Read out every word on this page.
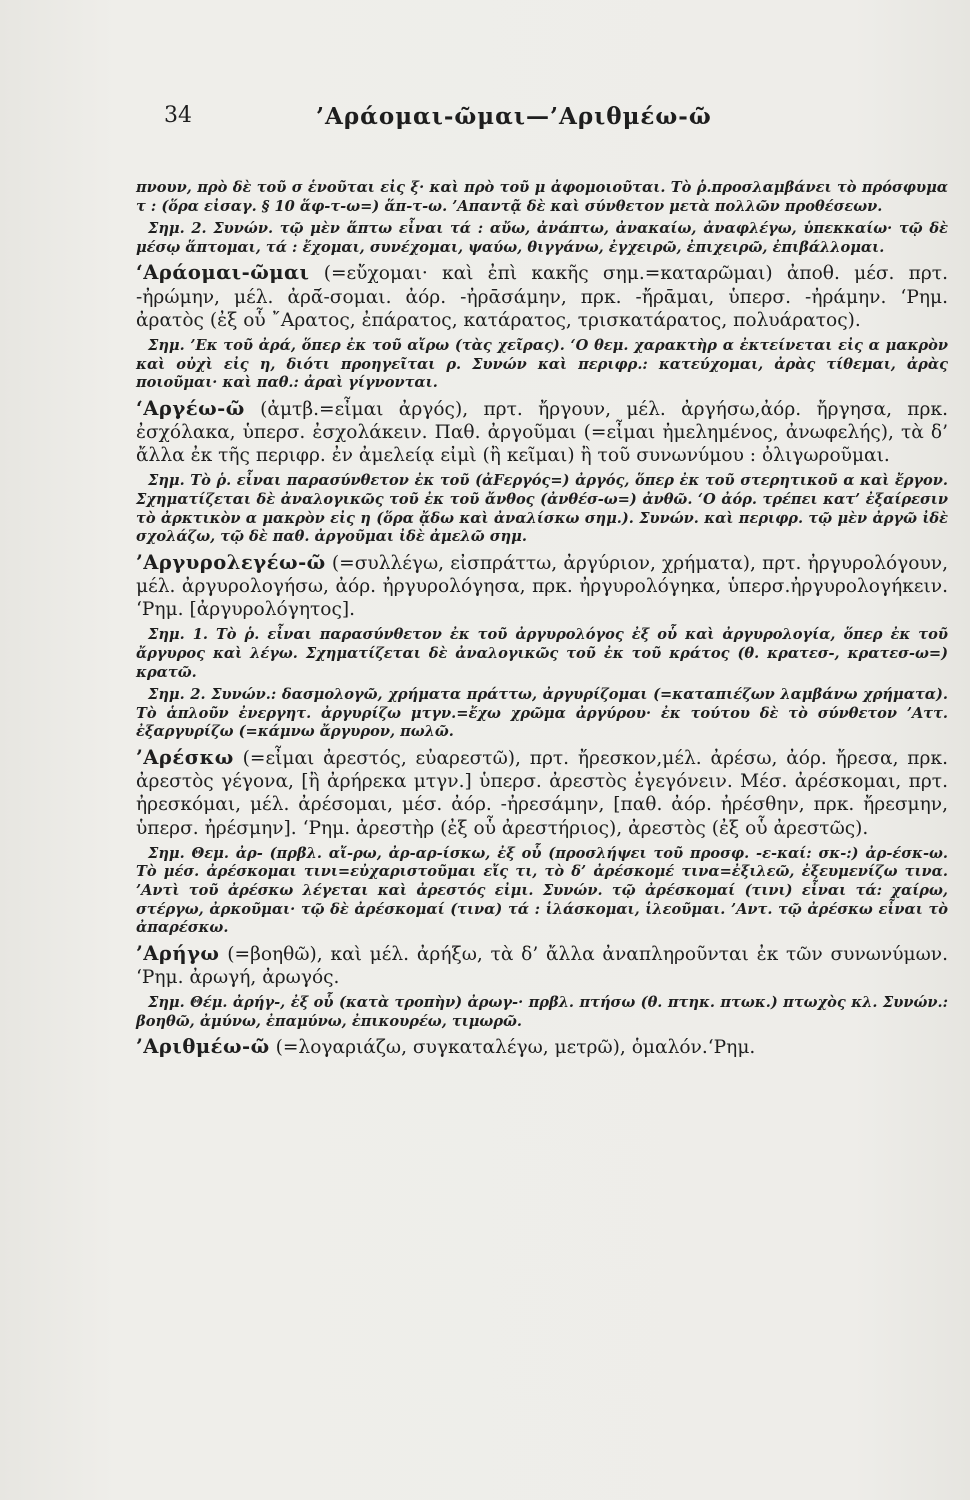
34	’Αράομαι-ῶμαι—’Αριθμέω-ῶ

πνουν, πρὸ δὲ τοῦ σ ἑνοῦται εἰς ξ· καὶ πρὸ τοῦ μ ἀφομοιοῦται. Τὸ ῥ.προσλαμβάνει τὸ πρόσφυμα τ : (ὅρα εἰσαγ. § 10 ἅφ-τ-ω=) ἅπ-τ-ω. ’Απαντᾷ δὲ καὶ σύνθετον μετὰ πολλῶν προθέσεων.

Σημ. 2. Συνών. τῷ μὲν ἅπτω εἶναι τά : αὔω, ἀνάπτω, ἀνακαίω, ἀναφλέγω, ὑπεκκαίω· τῷ δὲ μέσῳ ἅπτομαι, τά : ἔχομαι, συνέχομαι, ψαύω, θιγγάνω, ἐγχειρῶ, ἐπιχειρῶ, ἐπιβάλλομαι.

‘Αράομαι-ῶμαι (=εὔχομαι· καὶ ἐπὶ κακῆς σημ.=καταρῶμαι) ἀποθ. μέσ. πρτ. -ἠρώμην, μέλ. ἀρᾱ́-σομαι. ἀόρ. -ἠρᾱσάμην, πρκ. -ἤρᾱμαι, ὑπερσ. -ἠράμην. ‘Ρημ. ἀρατὸς (ἐξ οὗ ῎Αρατος, ἐπάρατος, κατάρατος, τρισκατάρατος, πολυάρατος).

Σημ. ’Εκ τοῦ ἀρά, ὅπερ ἐκ τοῦ αἴρω (τὰς χεῖρας). ‘Ο θεμ. χαρακτὴρ α ἐκτείνεται εἰς α μακρὸν καὶ οὐχὶ εἰς η, διότι προηγεῖται ρ. Συνών καὶ περιφρ.: κατεύχομαι, ἀρὰς τίθεμαι, ἀρὰς ποιοῦμαι· καὶ παθ.: ἀραὶ γίγνονται.

‘Αργέω-ῶ (ἀμτβ.=εἶμαι ἀργός), πρτ. ἤργουν, μέλ. ἀργήσω,ἀόρ. ἤργησα, πρκ. ἐσχόλακα, ὑπερσ. ἐσχολάκειν. Παθ. ἀργοῦμαι (=εἶμαι ἠμελημένος, ἀνωφελής), τὰ δ’ ἄλλα ἐκ τῆς περιφρ. ἐν ἀμελείᾳ εἰμὶ (ἢ κεῖμαι) ἢ τοῦ συνωνύμου : ὀλιγωροῦμαι.

Σημ. Τὸ ῥ. εἶναι παρασύνθετον ἐκ τοῦ (ἀFεργός=) ἀργός, ὅπερ ἐκ τοῦ στερητικοῦ α καὶ ἔργον. Σχηματίζεται δὲ ἀναλογικῶς τοῦ ἐκ τοῦ ἄνθος (ἀνθέσ-ω=) ἀνθῶ. ‘Ο ἀόρ. τρέπει κατ’ ἐξαίρεσιν τὸ ἀρκτικὸν α μακρὸν εἰς η (ὅρα ᾄδω καὶ ἀναλίσκω σημ.). Συνών. καὶ περιφρ. τῷ μὲν ἀργῶ ἰδὲ σχολάζω, τῷ δὲ παθ. ἀργοῦμαι ἰδὲ ἀμελῶ σημ.

’Αργυρολεγέω-ῶ (=συλλέγω, εἰσπράττω, ἀργύριον, χρήματα), πρτ. ἠργυρολόγουν, μέλ. ἀργυρολογήσω, ἀόρ. ἠργυρολόγησα, πρκ. ἠργυρολόγηκα, ὑπερσ.ἠργυρολογήκειν. ‘Ρημ. [ἀργυρολόγητος].

Σημ. 1. Τὸ ῥ. εἶναι παρασύνθετον ἐκ τοῦ ἀργυρολόγος ἐξ οὗ καὶ ἀργυρολογία, ὅπερ ἐκ τοῦ ἄργυρος καὶ λέγω. Σχηματίζεται δὲ ἀναλογικῶς τοῦ ἐκ τοῦ κράτος (θ. κρατεσ-, κρατεσ-ω=) κρατῶ.

Σημ. 2. Συνών.: δασμολογῶ, χρήματα πράττω, ἀργυρίζομαι (=καταπιέζων λαμβάνω χρήματα). Τὸ ἁπλοῦν ἐνεργητ. ἀργυρίζω μτγν.=ἔχω χρῶμα ἀργύρου· ἐκ τούτου δὲ τὸ σύνθετον ’Αττ. ἐξαργυρίζω (=κάμνω ἄργυρον, πωλῶ.

’Αρέσκω (=εἶμαι ἀρεστός, εὐαρεστῶ), πρτ. ἤρεσκον,μέλ. ἀρέσω, ἀόρ. ἤρεσα, πρκ. ἀρεστὸς γέγονα, [ἢ ἀρήρεκα μτγν.] ὑπερσ. ἀρεστὸς ἐγεγόνειν. Μέσ. ἀρέσκομαι, πρτ. ἠρεσκόμαι, μέλ. ἀρέσομαι, μέσ. ἀόρ. -ἠρεσάμην, [παθ. ἀόρ. ἠρέσθην, πρκ. ἤρεσμην, ὑπερσ. ἠρέσμην]. ‘Ρημ. ἀρεστὴρ (ἐξ οὗ ἀρεστήριος), ἀρεστὸς (ἐξ οὗ ἀρεστῶς).

Σημ. Θεμ. ἀρ- (πρβλ. αἴ-ρω, ἀρ-αρ-ίσκω, ἐξ οὗ (προσλήψει τοῦ προσφ. -ε-καί: σκ-:) ἀρ-έσκ-ω. Τὸ μέσ. ἀρέσκομαι τινι=εὐχαριστοῦμαι εἴς τι, τὸ δ’ ἀρέσκομέ τινα=ἐξιλεῶ, ἐξευμενίζω τινα. ’Αντὶ τοῦ ἀρέσκω λέγεται καὶ ἀρεστός εἰμι. Συνών. τῷ ἀρέσκομαί (τινι) εἶναι τά: χαίρω, στέργω, ἀρκοῦμαι· τῷ δὲ ἀρέσκομαί (τινα) τά : ἱλάσκομαι, ἱλεοῦμαι. ’Αντ. τῷ ἀρέσκω εἶναι τὸ ἀπαρέσκω.

’Αρήγω (=βοηθῶ), καὶ μέλ. ἀρήξω, τὰ δ’ ἄλλα ἀναπληροῦνται ἐκ τῶν συνωνύμων. ‘Ρημ. ἀρωγή, ἀρωγός.

Σημ. Θέμ. ἀρήγ-, ἐξ οὗ (κατὰ τροπὴν) ἀρωγ-· πρβλ. πτήσω (θ. πτηκ. πτωκ.) πτωχὸς κλ. Συνών.: βοηθῶ, ἀμύνω, ἐπαμύνω, ἐπικουρέω, τιμωρῶ.

’Αριθμέω-ῶ (=λογαριάζω, συγκαταλέγω, μετρῶ), ὁμαλόν.‘Ρημ.
